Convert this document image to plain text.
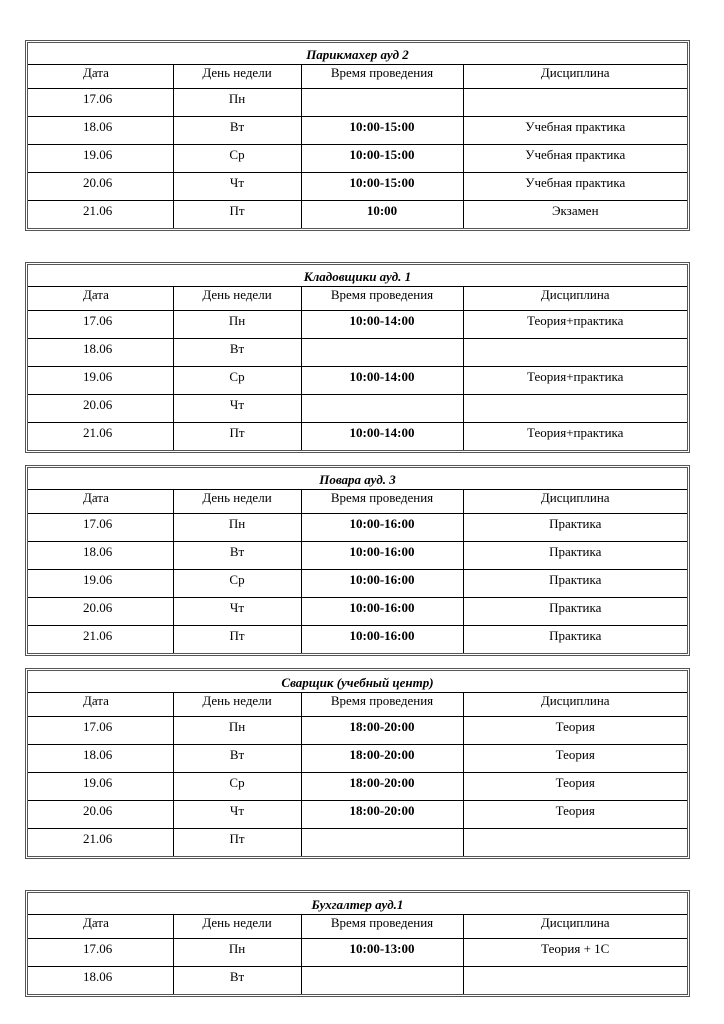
Парикмахер ауд 2			
Дата	День недели	Время проведения	Дисциплина
17.06	Пн		
18.06	Вт	10:00-15:00	Учебная практика
19.06	Ср	10:00-15:00	Учебная практика
20.06	Чт	10:00-15:00	Учебная практика
21.06	Пт	10:00	Экзамен
Кладовщики ауд. 1			
Дата	День недели	Время проведения	Дисциплина
17.06	Пн	10:00-14:00	Теория+практика
18.06	Вт		
19.06	Ср	10:00-14:00	Теория+практика
20.06	Чт		
21.06	Пт	10:00-14:00	Теория+практика
Повара ауд. 3			
Дата	День недели	Время проведения	Дисциплина
17.06	Пн	10:00-16:00	Практика
18.06	Вт	10:00-16:00	Практика
19.06	Ср	10:00-16:00	Практика
20.06	Чт	10:00-16:00	Практика
21.06	Пт	10:00-16:00	Практика
Сварщик (учебный центр)			
Дата	День недели	Время проведения	Дисциплина
17.06	Пн	18:00-20:00	Теория
18.06	Вт	18:00-20:00	Теория
19.06	Ср	18:00-20:00	Теория
20.06	Чт	18:00-20:00	Теория
21.06	Пт		
Бухгалтер ауд.1			
Дата	День недели	Время проведения	Дисциплина
17.06	Пн	10:00-13:00	Теория + 1С
18.06	Вт		
